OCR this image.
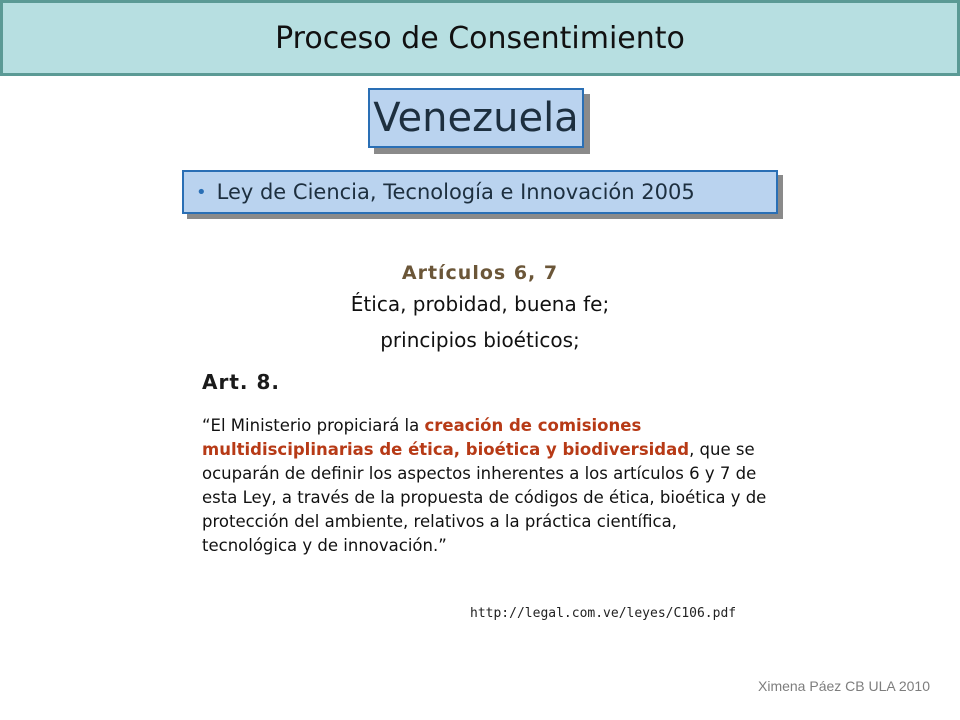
Proceso de Consentimiento
Venezuela
• Ley de Ciencia, Tecnología e Innovación 2005
Artículos 6, 7
Ética, probidad, buena fe;
principios bioéticos;
Art. 8.
“El Ministerio propiciará la creación de comisiones multidisciplinarias de ética, bioética y biodiversidad, que se ocuparán de definir los aspectos inherentes a los artículos 6 y 7 de esta Ley, a través de la propuesta de códigos de ética, bioética y de protección del ambiente, relativos a la práctica científica, tecnológica y de innovación.”
http://legal.com.ve/leyes/C106.pdf
Ximena Páez CB ULA 2010
